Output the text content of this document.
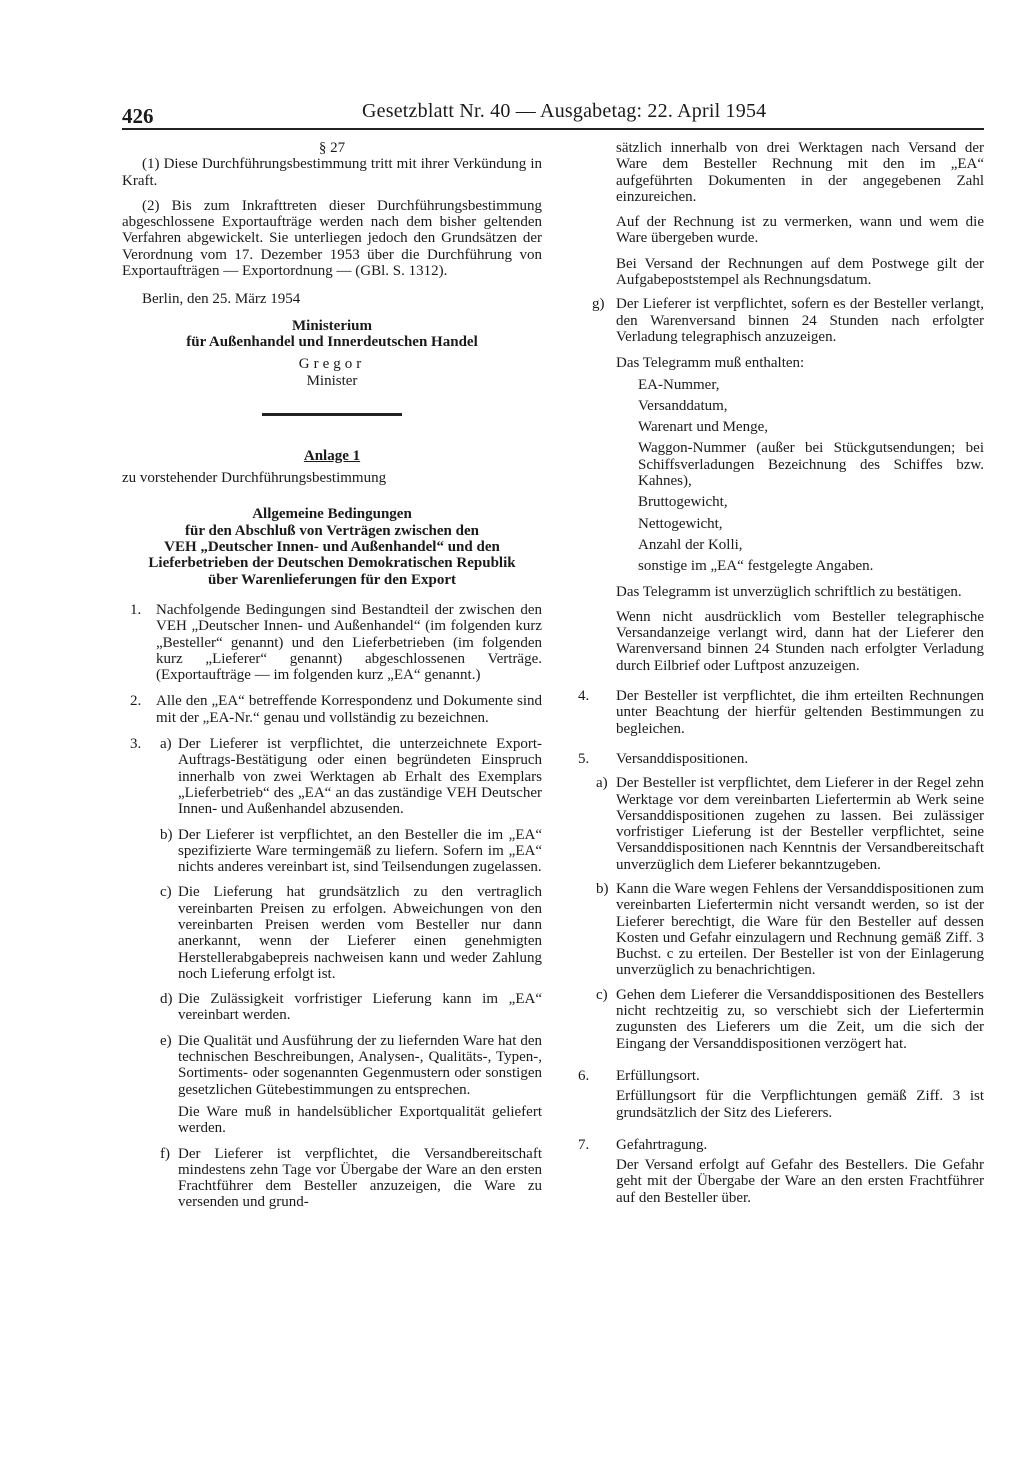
426	Gesetzblatt Nr. 40 — Ausgabetag: 22. April 1954

§ 27

(1) Diese Durchführungsbestimmung tritt mit ihrer Verkündung in Kraft.

(2) Bis zum Inkrafttreten dieser Durchführungsbestimmung abgeschlossene Exportaufträge werden nach dem bisher geltenden Verfahren abgewickelt. Sie unterliegen jedoch den Grundsätzen der Verordnung vom 17. Dezember 1953 über die Durchführung von Exportaufträgen — Exportordnung — (GBl. S. 1312).

Berlin, den 25. März 1954

Ministerium

für Außenhandel und Innerdeutschen Handel

Gregor

Minister

Anlage 1

zu vorstehender Durchführungsbestimmung

Allgemeine Bedingungen

für den Abschluß von Verträgen zwischen den

VEH „Deutscher Innen- und Außenhandel“ und den

Lieferbetrieben der Deutschen Demokratischen Republik

über Warenlieferungen für den Export

1. Nachfolgende Bedingungen sind Bestandteil der zwischen den VEH „Deutscher Innen- und Außenhandel“ (im folgenden kurz „Besteller“ genannt) und den Lieferbetrieben (im folgenden kurz „Lieferer“ genannt) abgeschlossenen Verträge. (Exportaufträge — im folgenden kurz „EA“ genannt.)

2. Alle den „EA“ betreffende Korrespondenz und Dokumente sind mit der „EA-Nr.“ genau und vollständig zu bezeichnen.

3. a) Der Lieferer ist verpflichtet, die unterzeichnete Export-Auftrags-Bestätigung oder einen begründeten Einspruch innerhalb von zwei Werktagen ab Erhalt des Exemplars „Lieferbetrieb“ des „EA“ an das zuständige VEH Deutscher Innen- und Außenhandel abzusenden.

b) Der Lieferer ist verpflichtet, an den Besteller die im „EA“ spezifizierte Ware termingemäß zu liefern. Sofern im „EA“ nichts anderes vereinbart ist, sind Teilsendungen zugelassen.

c) Die Lieferung hat grundsätzlich zu den vertraglich vereinbarten Preisen zu erfolgen. Abweichungen von den vereinbarten Preisen werden vom Besteller nur dann anerkannt, wenn der Lieferer einen genehmigten Herstellerabgabepreis nachweisen kann und weder Zahlung noch Lieferung erfolgt ist.

d) Die Zulässigkeit vorfristiger Lieferung kann im „EA“ vereinbart werden.

e) Die Qualität und Ausführung der zu liefernden Ware hat den technischen Beschreibungen, Analysen-, Qualitäts-, Typen-, Sortiments- oder sogenannten Gegenmustern oder sonstigen gesetzlichen Gütebestimmungen zu entsprechen.

Die Ware muß in handelsüblicher Exportqualität geliefert werden.

f) Der Lieferer ist verpflichtet, die Versandbereitschaft mindestens zehn Tage vor Übergabe der Ware an den ersten Frachtführer dem Besteller anzuzeigen, die Ware zu versenden und grund-

sätzlich innerhalb von drei Werktagen nach Versand der Ware dem Besteller Rechnung mit den im „EA“ aufgeführten Dokumenten in der angegebenen Zahl einzureichen.

Auf der Rechnung ist zu vermerken, wann und wem die Ware übergeben wurde.

Bei Versand der Rechnungen auf dem Postwege gilt der Aufgabepoststempel als Rechnungsdatum.

g) Der Lieferer ist verpflichtet, sofern es der Besteller verlangt, den Warenversand binnen 24 Stunden nach erfolgter Verladung telegraphisch anzuzeigen.

Das Telegramm muß enthalten:

EA-Nummer,

Versanddatum,

Warenart und Menge,

Waggon-Nummer (außer bei Stückgutsendungen; bei Schiffsverladungen Bezeichnung des Schiffes bzw. Kahnes),

Bruttogewicht,

Nettogewicht,

Anzahl der Kolli,

sonstige im „EA“ festgelegte Angaben.

Das Telegramm ist unverzüglich schriftlich zu bestätigen.

Wenn nicht ausdrücklich vom Besteller telegraphische Versandanzeige verlangt wird, dann hat der Lieferer den Warenversand binnen 24 Stunden nach erfolgter Verladung durch Eilbrief oder Luftpost anzuzeigen.

4. Der Besteller ist verpflichtet, die ihm erteilten Rechnungen unter Beachtung der hierfür geltenden Bestimmungen zu begleichen.

5. Versanddispositionen.

a) Der Besteller ist verpflichtet, dem Lieferer in der Regel zehn Werktage vor dem vereinbarten Liefertermin ab Werk seine Versanddispositionen zugehen zu lassen. Bei zulässiger vorfristiger Lieferung ist der Besteller verpflichtet, seine Versanddispositionen nach Kenntnis der Versandbereitschaft unverzüglich dem Lieferer bekanntzugeben.

b) Kann die Ware wegen Fehlens der Versanddispositionen zum vereinbarten Liefertermin nicht versandt werden, so ist der Lieferer berechtigt, die Ware für den Besteller auf dessen Kosten und Gefahr einzulagern und Rechnung gemäß Ziff. 3 Buchst. c zu erteilen. Der Besteller ist von der Einlagerung unverzüglich zu benachrichtigen.

c) Gehen dem Lieferer die Versanddispositionen des Bestellers nicht rechtzeitig zu, so verschiebt sich der Liefertermin zugunsten des Lieferers um die Zeit, um die sich der Eingang der Versanddispositionen verzögert hat.

6. Erfüllungsort.

Erfüllungsort für die Verpflichtungen gemäß Ziff. 3 ist grundsätzlich der Sitz des Lieferers.

7. Gefahrtragung.

Der Versand erfolgt auf Gefahr des Bestellers. Die Gefahr geht mit der Übergabe der Ware an den ersten Frachtführer auf den Besteller über.
